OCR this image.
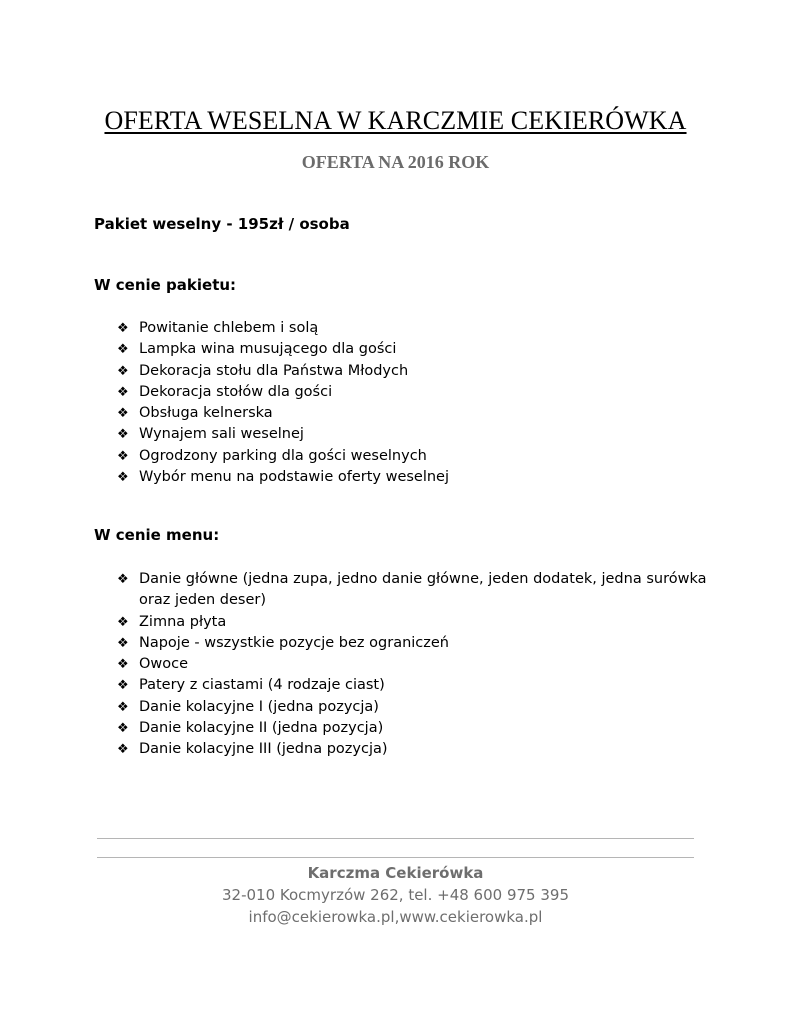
OFERTA WESELNA W KARCZMIE CEKIERÓWKA
OFERTA NA 2016 ROK
Pakiet weselny - 195zł / osoba
W cenie pakietu:
❖ Powitanie chlebem i solą
❖ Lampka wina musującego dla gości
❖ Dekoracja stołu dla Państwa Młodych
❖ Dekoracja stołów dla gości
❖ Obsługa kelnerska
❖ Wynajem sali weselnej
❖ Ogrodzony parking dla gości weselnych
❖ Wybór menu na podstawie oferty weselnej
W cenie menu:
❖ Danie główne (jedna zupa, jedno danie główne, jeden dodatek, jedna surówka oraz jeden deser)
❖ Zimna płyta
❖ Napoje - wszystkie pozycje bez ograniczeń
❖ Owoce
❖ Patery z ciastami (4 rodzaje ciast)
❖ Danie kolacyjne I (jedna pozycja)
❖ Danie kolacyjne II (jedna pozycja)
❖ Danie kolacyjne III (jedna pozycja)
Karczma Cekierówka
32-010 Kocmyrzów 262, tel. +48 600 975 395
info@cekierowka.pl,www.cekierowka.pl
